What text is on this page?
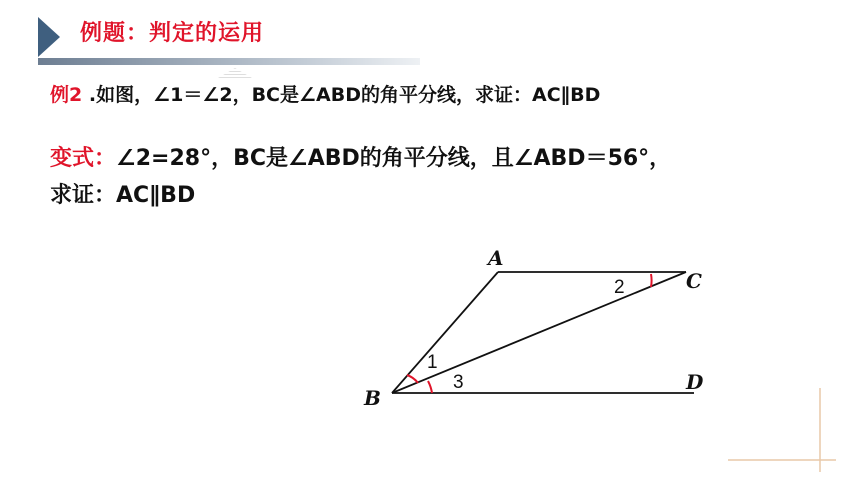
例题：判定的运用
例2 .如图，∠1＝∠2，BC是∠ABD的角平分线，求证：AC∥BD
变式：∠2=28°，BC是∠ABD的角平分线，且∠ABD＝56°，
求证：AC∥BD
A
C
B
D
1
2
3
